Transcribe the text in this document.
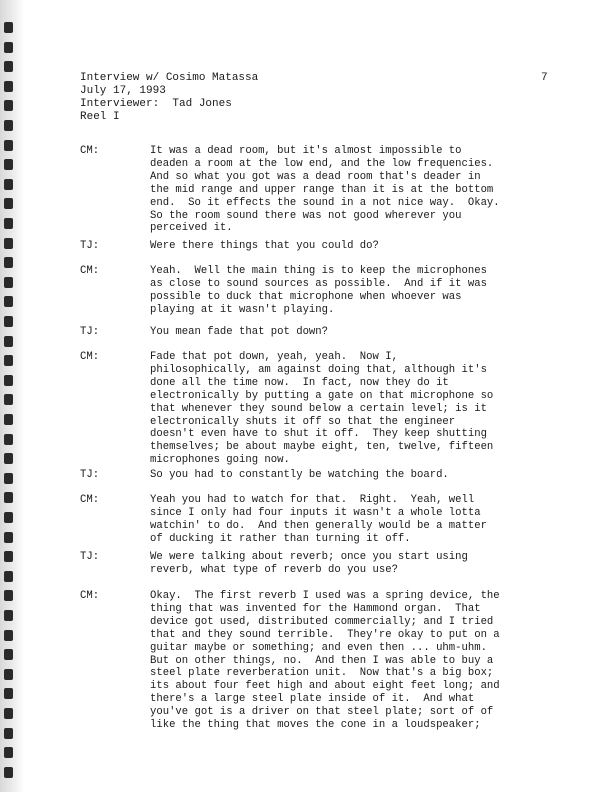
7
Interview w/ Cosimo Matassa
July 17, 1993
Interviewer:  Tad Jones
Reel I
CM:	It was a dead room, but it's almost impossible to
deaden a room at the low end, and the low frequencies.
And so what you got was a dead room that's deader in
the mid range and upper range than it is at the bottom
end.  So it effects the sound in a not nice way.  Okay.
So the room sound there was not good wherever you
perceived it.
TJ:	Were there things that you could do?
CM:	Yeah.  Well the main thing is to keep the microphones
as close to sound sources as possible.  And if it was
possible to duck that microphone when whoever was
playing at it wasn't playing.
TJ:	You mean fade that pot down?
CM:	Fade that pot down, yeah, yeah.  Now I,
philosophically, am against doing that, although it's
done all the time now.  In fact, now they do it
electronically by putting a gate on that microphone so
that whenever they sound below a certain level; is it
electronically shuts it off so that the engineer
doesn't even have to shut it off.  They keep shutting
themselves; be about maybe eight, ten, twelve, fifteen
microphones going now.
TJ:	So you had to constantly be watching the board.
CM:	Yeah you had to watch for that.  Right.  Yeah, well
since I only had four inputs it wasn't a whole lotta
watchin' to do.  And then generally would be a matter
of ducking it rather than turning it off.
TJ:	We were talking about reverb; once you start using
reverb, what type of reverb do you use?
CM:	Okay.  The first reverb I used was a spring device, the
thing that was invented for the Hammond organ.  That
device got used, distributed commercially; and I tried
that and they sound terrible.  They're okay to put on a
guitar maybe or something; and even then ... uhm-uhm.
But on other things, no.  And then I was able to buy a
steel plate reverberation unit.  Now that's a big box;
its about four feet high and about eight feet long; and
there's a large steel plate inside of it.  And what
you've got is a driver on that steel plate; sort of of
like the thing that moves the cone in a loudspeaker;
